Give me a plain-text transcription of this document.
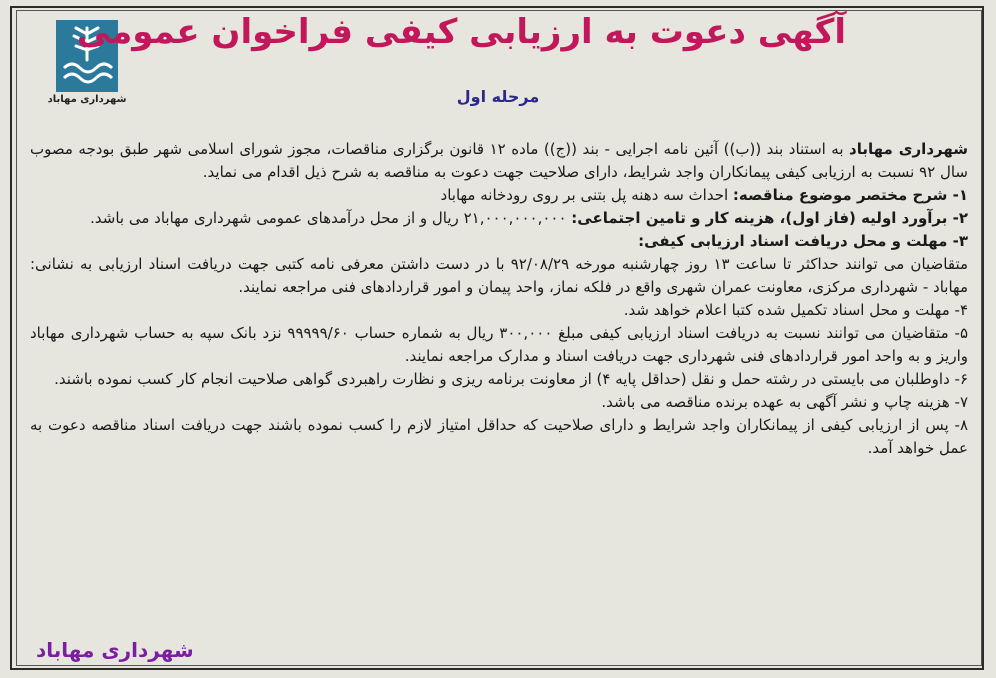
شهرداری مهاباد
آگهی دعوت به ارزیابی کیفی فراخوان عمومی
مرحله اول

شهرداری مهاباد به استناد بند ((ب)) آئین نامه اجرایی - بند ((ج)) ماده ۱۲ قانون برگزاری مناقصات، مجوز شورای اسلامی شهر طبق بودجه مصوب سال ۹۲ نسبت به ارزیابی کیفی پیمانکاران واجد شرایط، دارای صلاحیت جهت دعوت به مناقصه به شرح ذیل اقدام می نماید.

۱- شرح مختصر موضوع مناقصه: احداث سه دهنه پل بتنی بر روی رودخانه مهاباد

۲- برآورد اولیه (فاز اول)، هزینه کار و تامین اجتماعی: ۲۱,۰۰۰,۰۰۰,۰۰۰ ریال و از محل درآمدهای عمومی شهرداری مهاباد می باشد.

۳- مهلت و محل دریافت اسناد ارزیابی کیفی:

متقاضیان می توانند حداکثر تا ساعت ۱۳ روز چهارشنبه مورخه ۹۲/۰۸/۲۹ با در دست داشتن معرفی نامه کتبی جهت دریافت اسناد ارزیابی به نشانی: مهاباد - شهرداری مرکزی، معاونت عمران شهری واقع در فلکه نماز، واحد پیمان و امور قراردادهای فنی مراجعه نمایند.

۴- مهلت و محل اسناد تکمیل شده کتبا اعلام خواهد شد.

۵- متقاضیان می توانند نسبت به دریافت اسناد ارزیابی کیفی مبلغ ۳۰۰,۰۰۰ ریال به شماره حساب ۹۹۹۹۹/۶۰ نزد بانک سپه به حساب شهرداری مهاباد واریز و به واحد امور قراردادهای فنی شهرداری جهت دریافت اسناد و مدارک مراجعه نمایند.

۶- داوطلبان می بایستی در رشته حمل و نقل (حداقل پایه ۴) از معاونت برنامه ریزی و نظارت راهبردی گواهی صلاحیت انجام کار کسب نموده باشند.

۷- هزینه چاپ و نشر آگهی به عهده برنده مناقصه می باشد.

۸- پس از ارزیابی کیفی از پیمانکاران واجد شرایط و دارای صلاحیت که حداقل امتیاز لازم را کسب نموده باشند جهت دریافت اسناد مناقصه دعوت به عمل خواهد آمد.

شهرداری مهاباد
